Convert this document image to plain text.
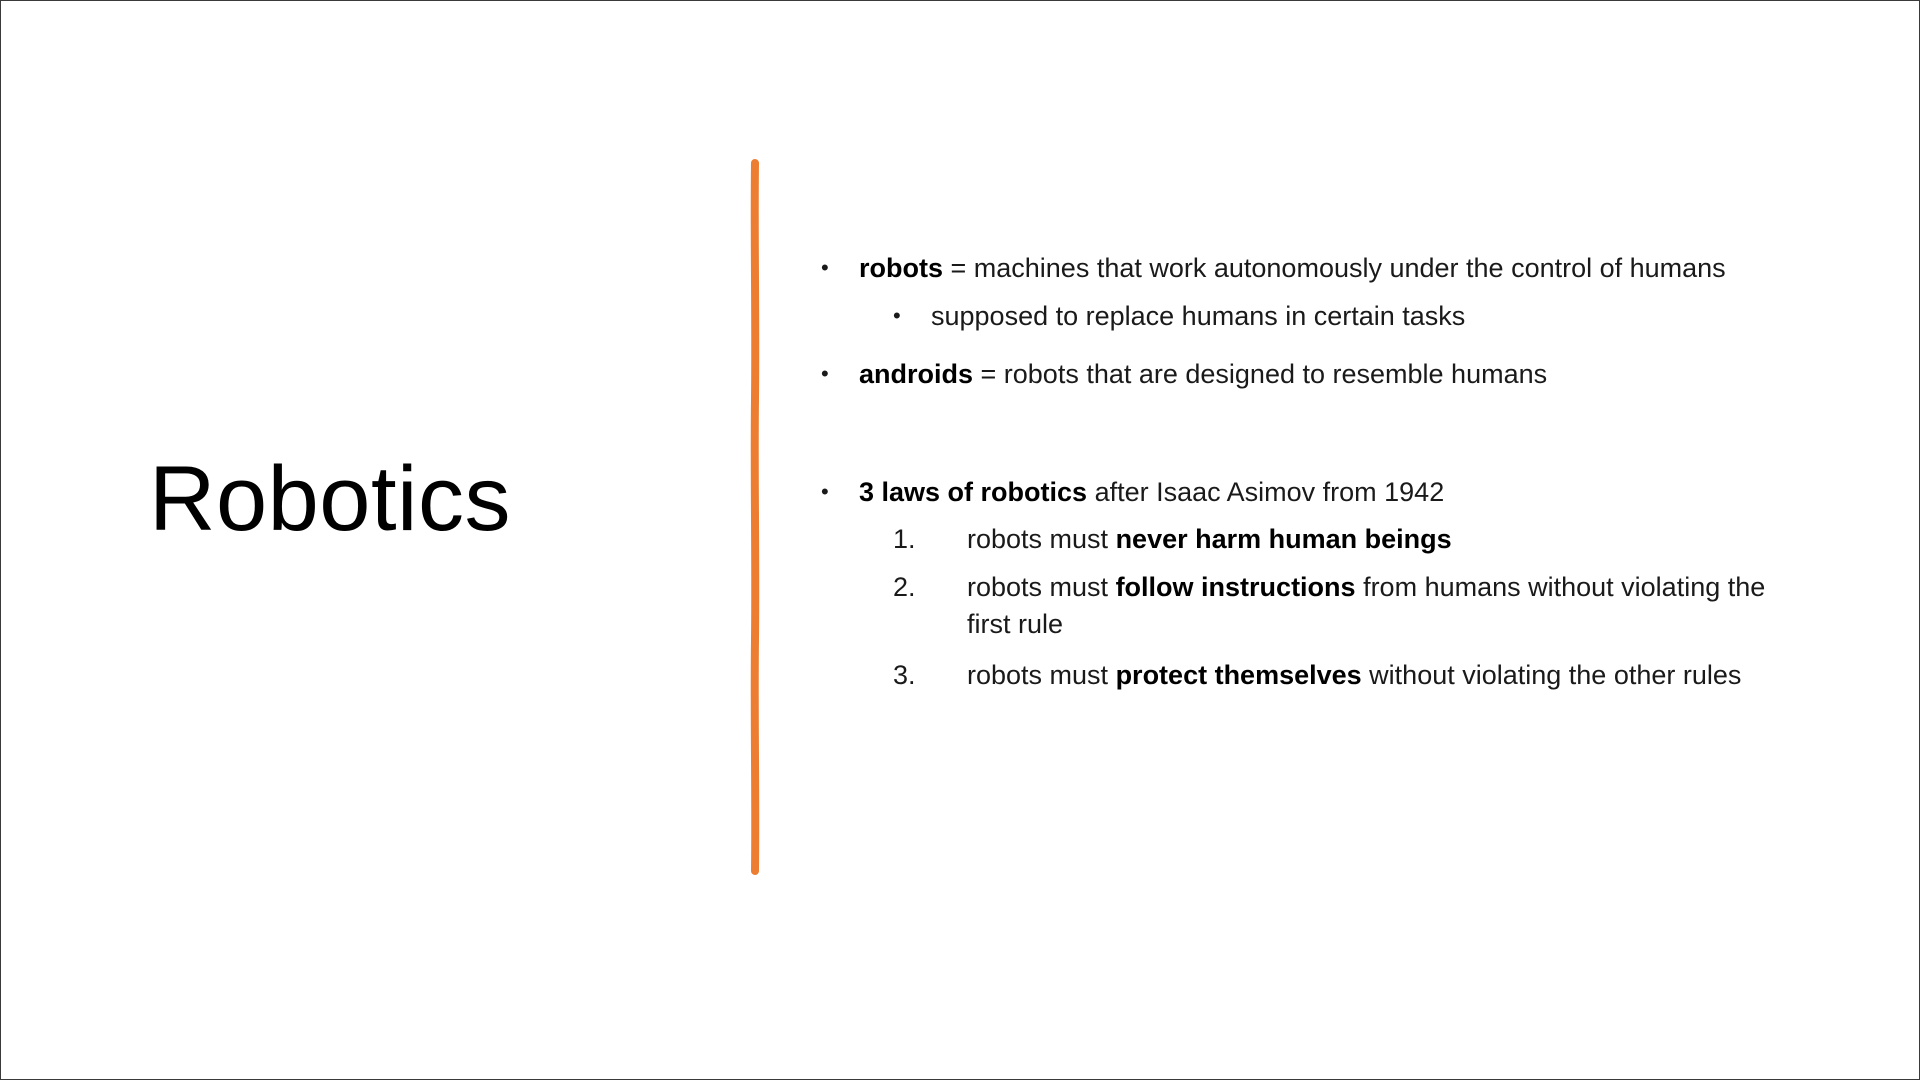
Robotics
• robots = machines that work autonomously under the control of humans
• supposed to replace humans in certain tasks
• androids = robots that are designed to resemble humans
• 3 laws of robotics after Isaac Asimov from 1942
1. robots must never harm human beings
2. robots must follow instructions from humans without violating the first rule
3. robots must protect themselves without violating the other rules
